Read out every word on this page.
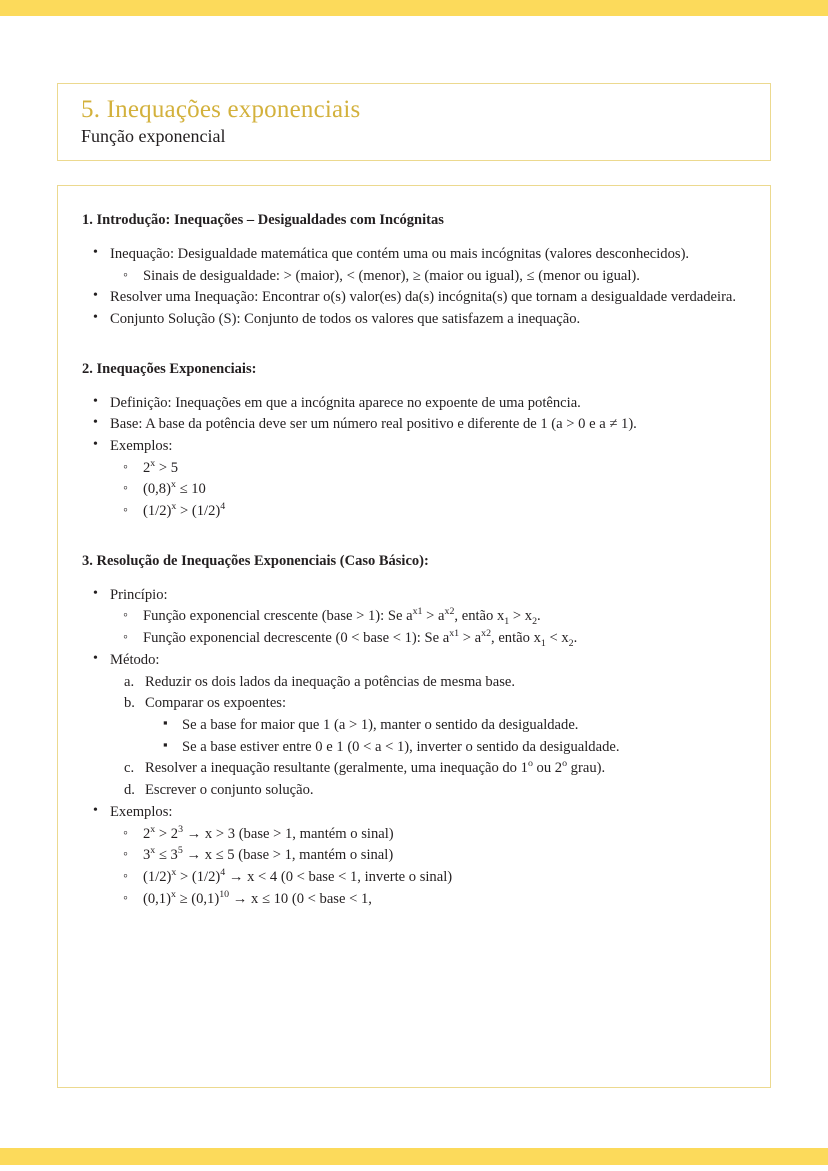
5. Inequações exponenciais
Função exponencial
1. Introdução: Inequações – Desigualdades com Incógnitas
• Inequação: Desigualdade matemática que contém uma ou mais incógnitas (valores desconhecidos).
◦ Sinais de desigualdade: > (maior), < (menor), ≥ (maior ou igual), ≤ (menor ou igual).
• Resolver uma Inequação: Encontrar o(s) valor(es) da(s) incógnita(s) que tornam a desigualdade verdadeira.
• Conjunto Solução (S): Conjunto de todos os valores que satisfazem a inequação.
2. Inequações Exponenciais:
• Definição: Inequações em que a incógnita aparece no expoente de uma potência.
• Base: A base da potência deve ser um número real positivo e diferente de 1 (a > 0 e a ≠ 1).
• Exemplos:
◦ $2^x > 5$
◦ $(0,8)^x \le 10$
◦ $(1/2)^x > (1/2)^4$
3. Resolução de Inequações Exponenciais (Caso Básico):
• Princípio:
◦ Função exponencial crescente (base > 1): Se $a^{x1} > a^{x2}$, então $x_1 > x_2$.
◦ Função exponencial decrescente (0 < base < 1): Se $a^{x1} > a^{x2}$, então $x_1 < x_2$.
• Método:
a. Reduzir os dois lados da inequação a potências de mesma base.
b. Comparar os expoentes:
▪ Se a base for maior que 1 (a > 1), manter o sentido da desigualdade.
▪ Se a base estiver entre 0 e 1 (0 < a < 1), inverter o sentido da desigualdade.
c. Resolver a inequação resultante (geralmente, uma inequação do 1$^o$ ou 2$^o$ grau).
d. Escrever o conjunto solução.
• Exemplos:
◦ $2^x > 2^3 \to x > 3$ (base > 1, mantém o sinal)
◦ $3^x \le 3^5 \to x \le 5$ (base > 1, mantém o sinal)
◦ $(1/2)^x > (1/2)^4 \to x < 4$ (0 < base < 1, inverte o sinal)
◦ $(0,1)^x \ge (0,1)^{10} \to x \le 10$ (0 < base < 1,
